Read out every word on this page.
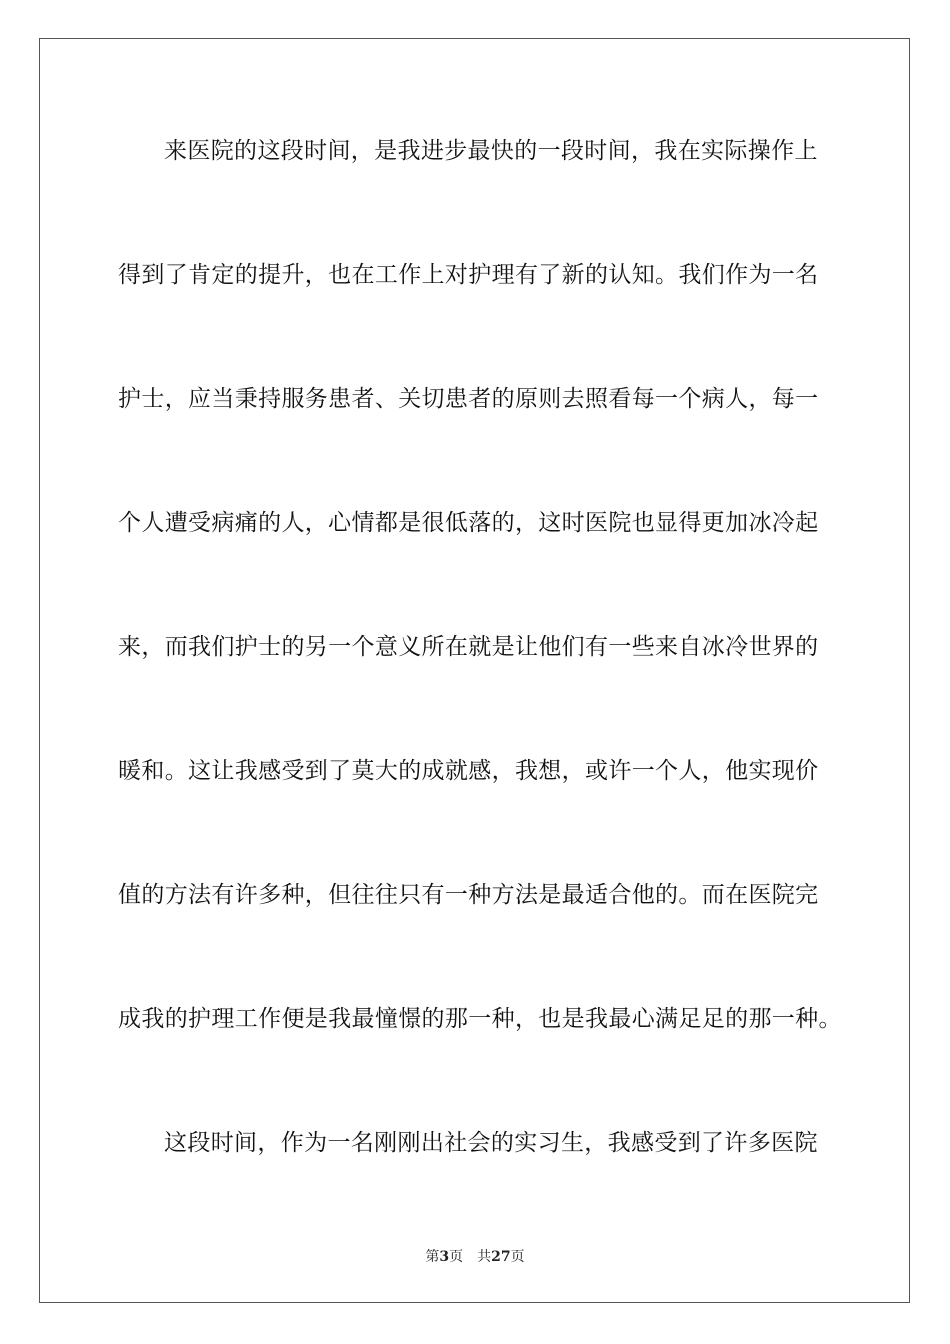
来医院的这段时间，是我进步最快的一段时间，我在实际操作上
得到了肯定的提升，也在工作上对护理有了新的认知。我们作为一名
护士，应当秉持服务患者、关切患者的原则去照看每一个病人，每一
个人遭受病痛的人，心情都是很低落的，这时医院也显得更加冰冷起
来，而我们护士的另一个意义所在就是让他们有一些来自冰冷世界的
暖和。这让我感受到了莫大的成就感，我想，或许一个人，他实现价
值的方法有许多种，但往往只有一种方法是最适合他的。而在医院完
成我的护理工作便是我最憧憬的那一种，也是我最心满足足的那一种。
这段时间，作为一名刚刚出社会的实习生，我感受到了许多医院
第3页 共27页
